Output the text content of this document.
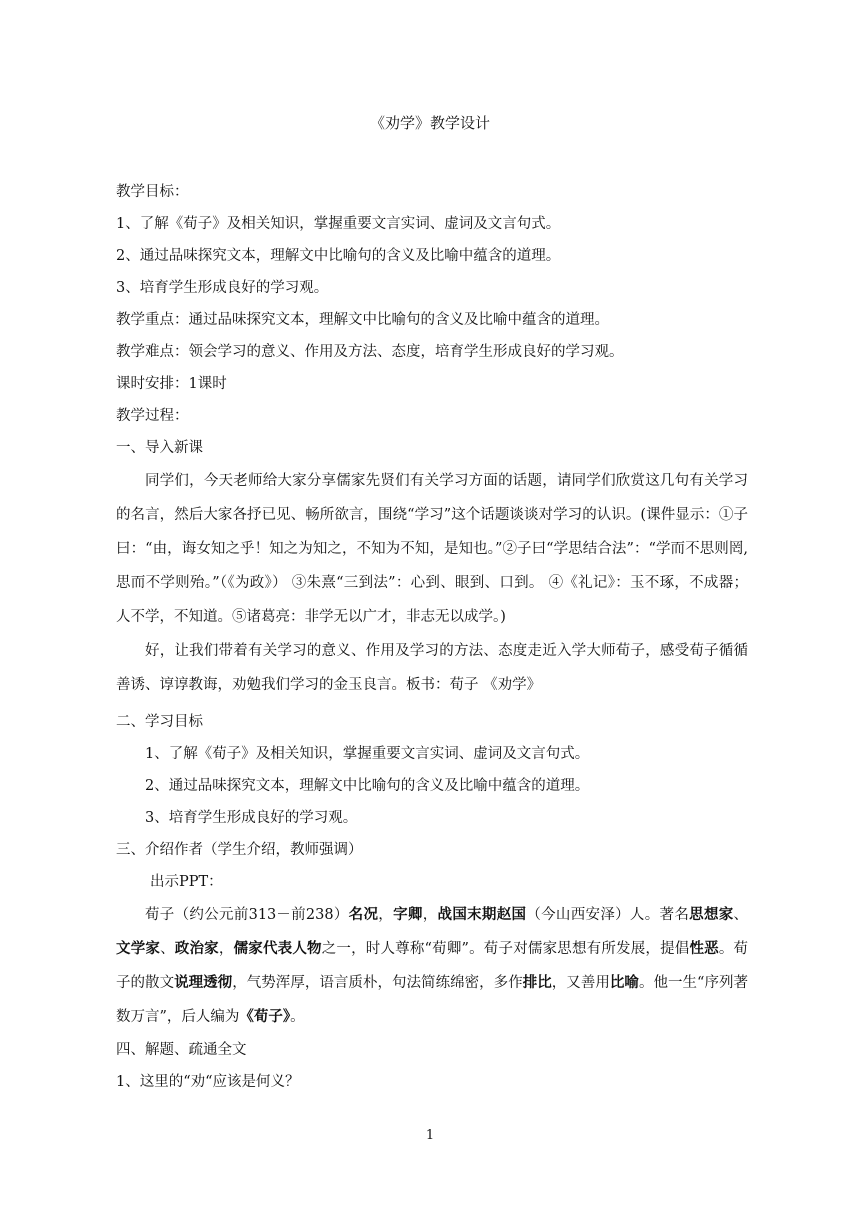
《劝学》教学设计
教学目标：
1、了解《荀子》及相关知识，掌握重要文言实词、虚词及文言句式。
2、通过品味探究文本，理解文中比喻句的含义及比喻中蕴含的道理。
3、培育学生形成良好的学习观。
教学重点：通过品味探究文本，理解文中比喻句的含义及比喻中蕴含的道理。
教学难点：领会学习的意义、作用及方法、态度，培育学生形成良好的学习观。
课时安排：1课时
教学过程：
一、导入新课
同学们，今天老师给大家分享儒家先贤们有关学习方面的话题，请同学们欣赏这几句有关学习的名言，然后大家各抒已见、畅所欲言，围绕“学习”这个话题谈谈对学习的认识。(课件显示：①子曰：“由，诲女知之乎！知之为知之，不知为不知，是知也。”②子曰“学思结合法”：“学而不思则罔,思而不学则殆。”（《为政》） ③朱熹“三到法”：心到、眼到、口到。 ④《礼记》：玉不琢，不成器；人不学，不知道。⑤诸葛亮：非学无以广才，非志无以成学。)
好，让我们带着有关学习的意义、作用及学习的方法、态度走近入学大师荀子，感受荀子循循善诱、谆谆教诲，劝勉我们学习的金玉良言。板书：荀子 《劝学》
二、学习目标
1、了解《荀子》及相关知识，掌握重要文言实词、虚词及文言句式。
2、通过品味探究文本，理解文中比喻句的含义及比喻中蕴含的道理。
3、培育学生形成良好的学习观。
三、介绍作者（学生介绍，教师强调）
出示PPT：
荀子（约公元前313－前238）名况，字卿，战国末期赵国（今山西安泽）人。著名思想家、文学家、政治家，儒家代表人物之一，时人尊称“荀卿”。荀子对儒家思想有所发展，提倡性恶。荀子的散文说理透彻，气势浑厚，语言质朴，句法简练绵密，多作排比，又善用比喻。他一生“序列著数万言”，后人编为《荀子》。
四、解题、疏通全文
1、这里的“劝“应该是何义？
1
